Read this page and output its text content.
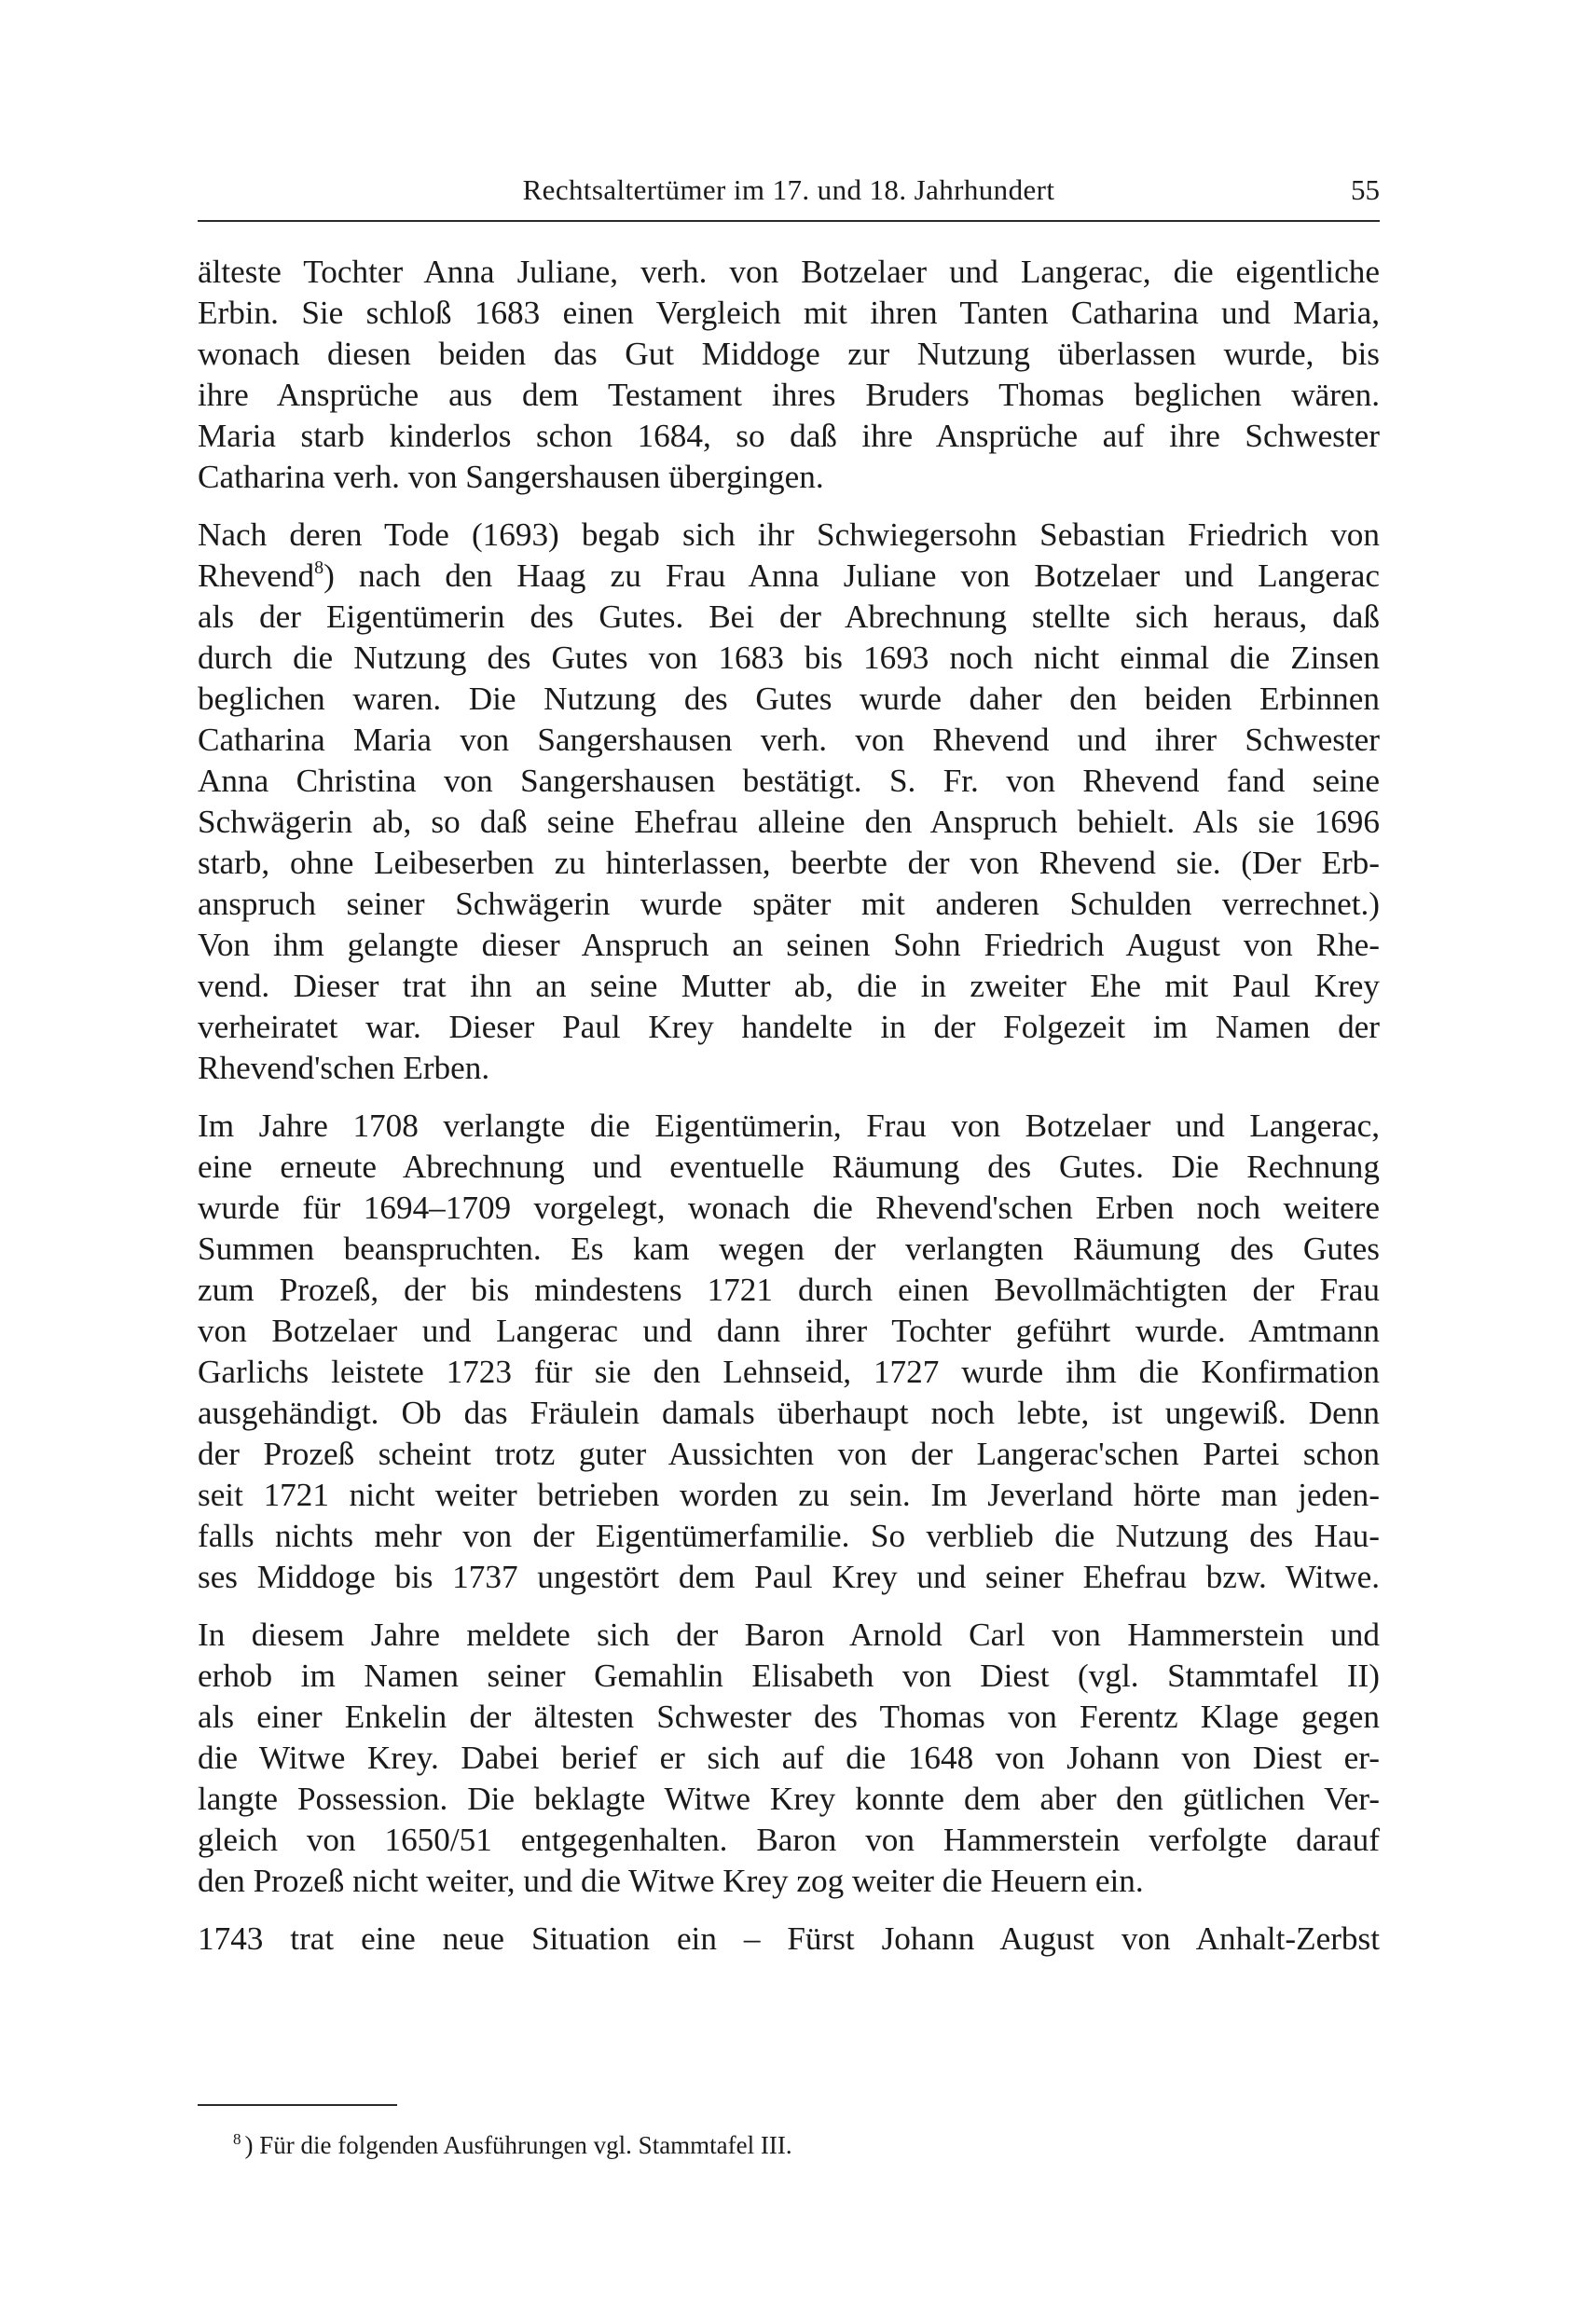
Rechtsaltertümer im 17. und 18. Jahrhundert	55

älteste Tochter Anna Juliane, verh. von Botzelaer und Langerac, die eigentliche
Erbin. Sie schloß 1683 einen Vergleich mit ihren Tanten Catharina und Maria,
wonach diesen beiden das Gut Middoge zur Nutzung überlassen wurde, bis
ihre Ansprüche aus dem Testament ihres Bruders Thomas beglichen wären.
Maria starb kinderlos schon 1684, so daß ihre Ansprüche auf ihre Schwester
Catharina verh. von Sangershausen übergingen.

Nach deren Tode (1693) begab sich ihr Schwiegersohn Sebastian Friedrich von
Rhevend$^8$) nach den Haag zu Frau Anna Juliane von Botzelaer und Langerac
als der Eigentümerin des Gutes. Bei der Abrechnung stellte sich heraus, daß
durch die Nutzung des Gutes von 1683 bis 1693 noch nicht einmal die Zinsen
beglichen waren. Die Nutzung des Gutes wurde daher den beiden Erbinnen
Catharina Maria von Sangershausen verh. von Rhevend und ihrer Schwester
Anna Christina von Sangershausen bestätigt. S. Fr. von Rhevend fand seine
Schwägerin ab, so daß seine Ehefrau alleine den Anspruch behielt. Als sie 1696
starb, ohne Leibeserben zu hinterlassen, beerbte der von Rhevend sie. (Der Erb-
anspruch seiner Schwägerin wurde später mit anderen Schulden verrechnet.)
Von ihm gelangte dieser Anspruch an seinen Sohn Friedrich August von Rhe-
vend. Dieser trat ihn an seine Mutter ab, die in zweiter Ehe mit Paul Krey
verheiratet war. Dieser Paul Krey handelte in der Folgezeit im Namen der
Rhevend'schen Erben.

Im Jahre 1708 verlangte die Eigentümerin, Frau von Botzelaer und Langerac,
eine erneute Abrechnung und eventuelle Räumung des Gutes. Die Rechnung
wurde für 1694–1709 vorgelegt, wonach die Rhevend'schen Erben noch weitere
Summen beanspruchten. Es kam wegen der verlangten Räumung des Gutes
zum Prozeß, der bis mindestens 1721 durch einen Bevollmächtigten der Frau
von Botzelaer und Langerac und dann ihrer Tochter geführt wurde. Amtmann
Garlichs leistete 1723 für sie den Lehnseid, 1727 wurde ihm die Konfirmation
ausgehändigt. Ob das Fräulein damals überhaupt noch lebte, ist ungewiß. Denn
der Prozeß scheint trotz guter Aussichten von der Langerac'schen Partei schon
seit 1721 nicht weiter betrieben worden zu sein. Im Jeverland hörte man jeden-
falls nichts mehr von der Eigentümerfamilie. So verblieb die Nutzung des Hau-
ses Middoge bis 1737 ungestört dem Paul Krey und seiner Ehefrau bzw. Witwe.

In diesem Jahre meldete sich der Baron Arnold Carl von Hammerstein und
erhob im Namen seiner Gemahlin Elisabeth von Diest (vgl. Stammtafel II)
als einer Enkelin der ältesten Schwester des Thomas von Ferentz Klage gegen
die Witwe Krey. Dabei berief er sich auf die 1648 von Johann von Diest er-
langte Possession. Die beklagte Witwe Krey konnte dem aber den gütlichen Ver-
gleich von 1650/51 entgegenhalten. Baron von Hammerstein verfolgte darauf
den Prozeß nicht weiter, und die Witwe Krey zog weiter die Heuern ein.

1743 trat eine neue Situation ein – Fürst Johann August von Anhalt-Zerbst

$^8$ ) Für die folgenden Ausführungen vgl. Stammtafel III.
